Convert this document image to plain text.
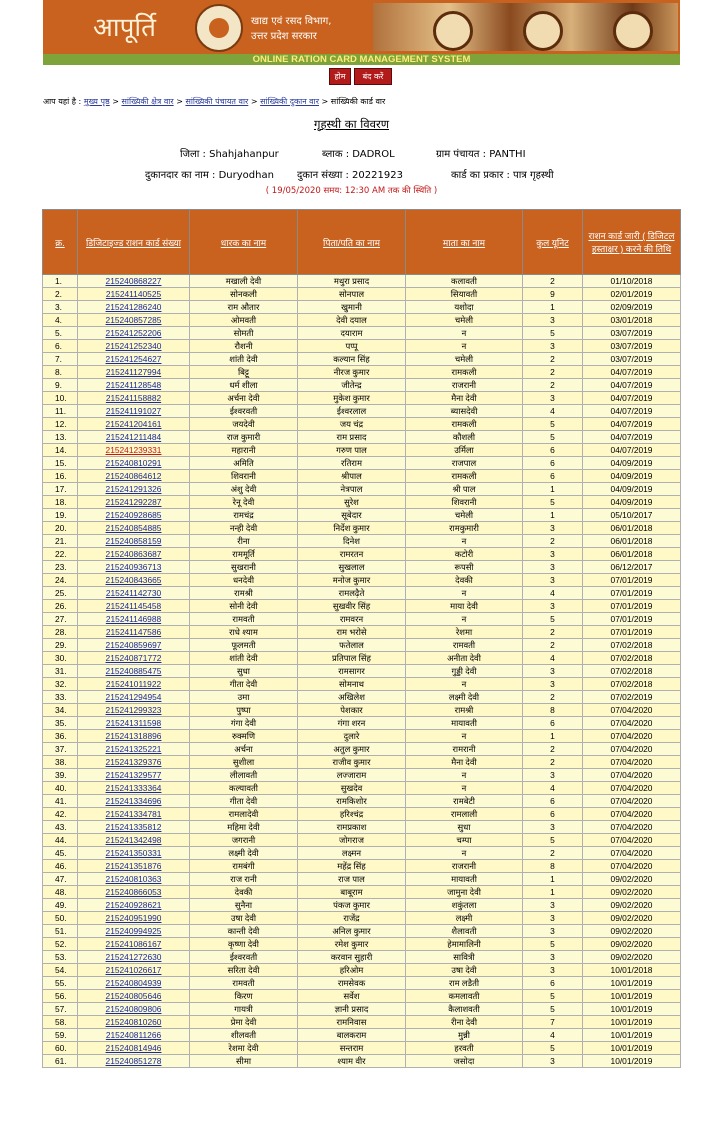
आपूर्ति	खाद्य एवं रसद विभाग,
उत्तर प्रदेश सरकार
ONLINE RATION CARD MANAGEMENT SYSTEM
होम	बंद करें
आप यहां है : मुख्य पृष्ठ > सांख्यिकी क्षेत्र वार > सांख्यिकी पंचायत वार > सांख्यिकी दुकान वार > सांख्यिकी कार्ड वार
गृहस्थी का विवरण
जिला : Shahjahanpur	ब्लाक : DADROL	ग्राम पंचायत : PANTHI
दुकानदार का नाम : Duryodhan दुकान संख्या : 20221923	कार्ड का प्रकार : पात्र गृहस्थी
( 19/05/2020 समय: 12:30 AM तक की स्थिति )
क्र.	डिजिटाइज्ड राशन कार्ड संख्या	धारक का नाम	पिता/पति का नाम	माता का नाम	कुल यूनिट	राशन कार्ड जारी ( डिजिटल हस्ताक्षर ) करने की तिथि
1.	215240868227	मखाली देवी	मथुरा प्रसाद	कलावती	2	01/10/2018
2.	215241140525	सोनकली	सोनपाल	सियावती	9	02/01/2019
3.	215241286240	राम औतार	खुमानी	यशोदा	1	02/09/2019
4.	215240857285	ओमवती	देवी दयाल	चमेली	3	03/01/2018
5.	215241252206	सोमती	दयाराम	न	5	03/07/2019
6.	215241252340	रौशनी	पप्पू	न	3	03/07/2019
7.	215241254627	शांती देवी	कल्यान सिंह	चमेली	2	03/07/2019
8.	215241127994	बिट्टू	नीरज कुमार	रामकली	2	04/07/2019
9.	215241128548	धर्म शीला	जीतेन्द्र	राजरानी	2	04/07/2019
10.	215241158882	अर्चना देवी	मुकेश कुमार	मैना देवी	3	04/07/2019
11.	215241191027	ईश्वरवती	ईश्वरलाल	ब्यासदेवी	4	04/07/2019
12.	215241204161	जयदेवी	जय चंद्र	रामकली	5	04/07/2019
13.	215241211484	राज कुमारी	राम प्रसाद	कौशली	5	04/07/2019
14.	215241239331	महारानी	गरुण पाल	उर्मिला	6	04/07/2019
15.	215240810291	अमिति	रतिराम	राजपाल	6	04/09/2019
16.	215240864612	शिवरानी	श्रीपाल	रामकली	6	04/09/2019
17.	215241291326	अंशु देवी	नेत्रपाल	श्री पाल	1	04/09/2019
18.	215241292287	रेनू देवी	सुरेश	शिवरानी	5	04/09/2019
19.	215240928685	रामचंद्र	सूबेदार	चमेली	1	05/10/2017
20.	215240854885	नन्ही देवी	निर्देश कुमार	रामकुमारी	3	06/01/2018
21.	215240858159	रीना	दिनेश	न	2	06/01/2018
22.	215240863687	राममूर्ति	रामरतन	कटोरी	3	06/01/2018
23.	215240936713	सुखरानी	सुखलाल	रूपसी	3	06/12/2017
24.	215240843665	धनदेवी	मनोज कुमार	देवकी	3	07/01/2019
25.	215241142730	रामश्री	रामलढ़ैते	न	4	07/01/2019
26.	215241145458	सोनी देवी	सुखवीर सिंह	माया देवी	3	07/01/2019
27.	215241146988	रामवती	रामवरन	न	5	07/01/2019
28.	215241147586	राधे श्याम	राम भरोसे	रेशमा	2	07/01/2019
29.	215240859697	फूलमती	फतेलाल	रामवती	2	07/02/2018
30.	215240871772	शांती देवी	प्रतिपाल सिंह	अनीता देवी	4	07/02/2018
31.	215240885475	सुधा	रामसागर	गुड्डी देवी	3	07/02/2018
32.	215241011922	गीता देवी	सोमनाथ	न	3	07/02/2018
33.	215241294954	उमा	अखिलेश	लक्ष्मी देवी	2	07/02/2019
34.	215241299323	पुष्पा	पेशकार	रामश्री	8	07/04/2020
35.	215241311598	गंगा देवी	गंगा शरन	मायावती	6	07/04/2020
36.	215241318896	रुक्मणि	दुलारे	न	1	07/04/2020
37.	215241325221	अर्चना	अतुल कुमार	रामरानी	2	07/04/2020
38.	215241329376	सुशीला	राजीव कुमार	मैना देवी	2	07/04/2020
39.	215241329577	लीलावती	लज्जाराम	न	3	07/04/2020
40.	215241333364	कल्यावती	सुखदेव	न	4	07/04/2020
41.	215241334696	गीता देवी	रामकिशोर	रामबेटी	6	07/04/2020
42.	215241334781	रामलादेवी	हरिश्चंद्र	रामलाली	6	07/04/2020
43.	215241335812	महिमा देवी	रामप्रकाश	सुधा	3	07/04/2020
44.	215241342498	जगरानी	जोगराज	चम्पा	5	07/04/2020
45.	215241350331	लक्ष्मी देवी	लक्ष्मन	न	2	07/04/2020
46.	215241351876	रामबंगी	महेंद्र सिंह	राजरानी	8	07/04/2020
47.	215240810363	राज रानी	राज पाल	मायावती	1	09/02/2020
48.	215240866053	देवकी	बाबूराम	जामुना देवी	1	09/02/2020
49.	215240928621	सुनैना	पंकज कुमार	शकुंतला	3	09/02/2020
50.	215240951990	उषा देवी	राजेंद्र	लक्ष्मी	3	09/02/2020
51.	215240994925	कान्ती देवी	अनिल कुमार	शैलावती	3	09/02/2020
52.	215241086167	कृष्णा देवी	रमेश कुमार	हेमामालिनी	5	09/02/2020
53.	215241272630	ईश्वरवती	करवान सुहारी	सावित्री	3	09/02/2020
54.	215241026617	सरिता देवी	हरिओम	उषा देवी	3	10/01/2018
55.	215240804939	रामवती	रामसेवक	राम लडैती	6	10/01/2019
56.	215240805646	किरण	सर्वेश	कमलावती	5	10/01/2019
57.	215240809806	गायत्री	ज्ञानी प्रसाद	कैलाशवती	5	10/01/2019
58.	215240810260	प्रेमा देवी	रामनिवास	रीना देवी	7	10/01/2019
59.	215240811266	शीलवती	बालकराम	मुन्नी	4	10/01/2019
60.	215240814946	रेशमा देवी	सन्तराम	हरवती	5	10/01/2019
61.	215240851278	सीमा	श्याम वीर	जसोदा	3	10/01/2019
